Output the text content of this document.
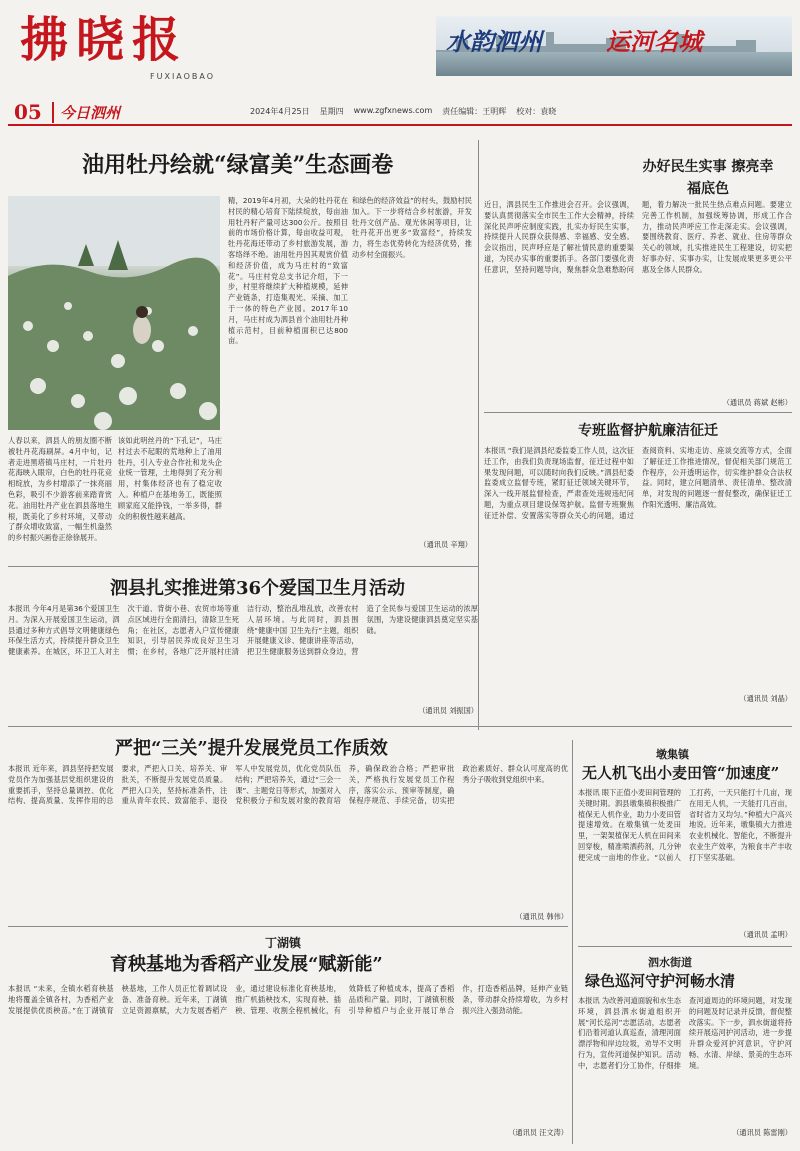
拂晓报
FUXIAOBAO
水韵泗州	运河名城
05	今日泗州	2024年4月25日 星期四 www.zgfxnews.com 责任编辑：王明辉 校对：袁晓
油用牡丹绘就“绿富美”生态画卷
人春以来，泗县人的朋友圈不断被牡丹花海刷屏。4月中旬，记者走进黑塔镇马庄村，一片牡丹花海映入眼帘，白色的牡丹花竞相绽放，为乡村增添了一抹亮丽色彩，吸引不少游客前来踏青赏花。油用牡丹产业在泗县落地生根，既美化了乡村环境，又带动了群众增收致富，一幅生机盎然的乡村振兴画卷正徐徐展开。
该如此明丝丹的“下孔记”，马庄村过去不起眼的荒地种上了油用牡丹，引入专业合作社和龙头企业统一管理，土地得到了充分利用，村集体经济也有了稳定收入。种植户在基地务工，既能照顾家庭又能挣钱，一举多得，群众的积极性越来越高。
精，2019年4月初，大朵的牡丹花在村民的精心培育下陆续绽放，每亩油用牡丹籽产量可达300公斤。按照目前的市场价格计算，每亩收益可观，牡丹花海还带动了乡村旅游发展，游客络绎不绝。油用牡丹因其观赏价值和经济价值，成为马庄村的“致富花”。马庄村党总支书记介绍，下一步，村里将继续扩大种植规模，延伸产业链条，打造集观光、采摘、加工于一体的特色产业园。2017年10月，马庄村成为泗县首个油用牡丹种植示范村，目前种植面积已达800亩。
和绿色的经济效益”的村头，鼓励村民加入。下一步将结合乡村旅游，开发牡丹文创产品、观光休闲等项目，让牡丹花开出更多“致富经”，持续发力，将生态优势转化为经济优势，推动乡村全面振兴。
（通讯员 辛翔）
办好民生实事 擦亮幸福底色
近日，泗县民生工作推进会召开。会议强调，要认真贯彻落实全市民生工作大会精神，持续深化民声呼应制度实践，扎实办好民生实事，持续提升人民群众获得感、幸福感、安全感。会议指出，民声呼应是了解社情民意的重要渠道，为民办实事的重要抓手。各部门要强化责任意识，坚持问题导向，聚焦群众急难愁盼问题，着力解决一批民生热点难点问题。要建立完善工作机制，加强统筹协调，形成工作合力，推动民声呼应工作走深走实。会议强调，要围绕教育、医疗、养老、就业、住房等群众关心的领域，扎实推进民生工程建设，切实把好事办好、实事办实，让发展成果更多更公平惠及全体人民群众。
（通讯员 蒋斌 赵彬）
专班监督护航廉洁征迁
本报讯 “我们是泗县纪委监委工作人员，这次征迁工作，由我们负责现场监督，征迁过程中如果发现问题，可以随时向我们反映。”泗县纪委监委成立监督专班，紧盯征迁领域关键环节，深入一线开展监督检查，严肃查处违规违纪问题，为重点项目建设保驾护航。监督专班聚焦征迁补偿、安置落实等群众关心的问题，通过查阅资料、实地走访、座谈交流等方式，全面了解征迁工作推进情况，督促相关部门规范工作程序，公开透明运作，切实维护群众合法权益。同时，建立问题清单、责任清单、整改清单，对发现的问题逐一督促整改，确保征迁工作阳光透明、廉洁高效。
（通讯员 刘晶）
泗县扎实推进第36个爱国卫生月活动
本报讯 今年4月是第36个爱国卫生月。为深入开展爱国卫生运动，泗县通过多种方式倡导文明健康绿色环保生活方式，持续提升群众卫生健康素养。在城区，环卫工人对主次干道、背街小巷、农贸市场等重点区域进行全面清扫，清除卫生死角；在社区，志愿者入户宣传健康知识，引导居民养成良好卫生习惯；在乡村，各地广泛开展村庄清洁行动，整治乱堆乱放，改善农村人居环境。与此同时，泗县围绕“健康中国 卫生先行”主题，组织开展健康义诊、健康讲座等活动，把卫生健康服务送到群众身边，营造了全民参与爱国卫生运动的浓厚氛围，为建设健康泗县奠定坚实基础。
（通讯员 刘振国）
严把“三关”提升发展党员工作质效
本报讯 近年来，泗县坚持把发展党员作为加强基层党组织建设的重要抓手，坚持总量调控、优化结构、提高质量、发挥作用的总要求，严把入口关、培养关、审批关，不断提升发展党员质量。严把入口关，坚持标准条件，注重从青年农民、致富能手、退役军人中发展党员，优化党员队伍结构；严把培养关，通过“三会一课”、主题党日等形式，加强对入党积极分子和发展对象的教育培养，确保政治合格；严把审批关，严格执行发展党员工作程序，落实公示、预审等制度，确保程序规范、手续完备，切实把政治素质好、群众认可度高的优秀分子吸收到党组织中来。
（通讯员 韩伟）
墩集镇
无人机飞出小麦田管“加速度”
本报讯 眼下正值小麦田间管理的关键时期。泗县墩集镇积极推广植保无人机作业，助力小麦田管提速增效。在墩集镇一处麦田里，一架架植保无人机在田间来回穿梭，精准喷洒药剂，几分钟便完成一亩地的作业。“以前人工打药，一天只能打十几亩，现在用无人机，一天能打几百亩，省时省力又均匀。”种植大户高兴地说。近年来，墩集镇大力推进农业机械化、智能化，不断提升农业生产效率，为粮食丰产丰收打下坚实基础。
（通讯员 孟明）
丁湖镇
育秧基地为香稻产业发展“赋新能”
本报讯 “未来，全镇水稻育秧基地将覆盖全镇各村，为香稻产业发展提供优质秧苗。”在丁湖镇育秧基地，工作人员正忙着调试设备、准备育秧。近年来，丁湖镇立足资源禀赋，大力发展香稻产业，通过建设标准化育秧基地，推广机插秧技术，实现育秧、插秧、管理、收割全程机械化，有效降低了种植成本，提高了香稻品质和产量。同时，丁湖镇积极引导种植户与企业开展订单合作，打造香稻品牌，延伸产业链条，带动群众持续增收，为乡村振兴注入强劲动能。
（通讯员 汪文涛）
泗水街道
绿色巡河守护河畅水清
本报讯 为改善河道面貌和水生态环境，泗县泗水街道组织开展“河长巡河”志愿活动，志愿者们沿着河道认真巡查，清理河面漂浮物和岸边垃圾，劝导不文明行为，宣传河道保护知识。活动中，志愿者们分工协作，仔细排查河道周边的环境问题，对发现的问题及时记录并反馈，督促整改落实。下一步，泗水街道将持续开展巡河护河活动，进一步提升群众爱河护河意识，守护河畅、水清、岸绿、景美的生态环境。
（通讯员 陈雷刚）
